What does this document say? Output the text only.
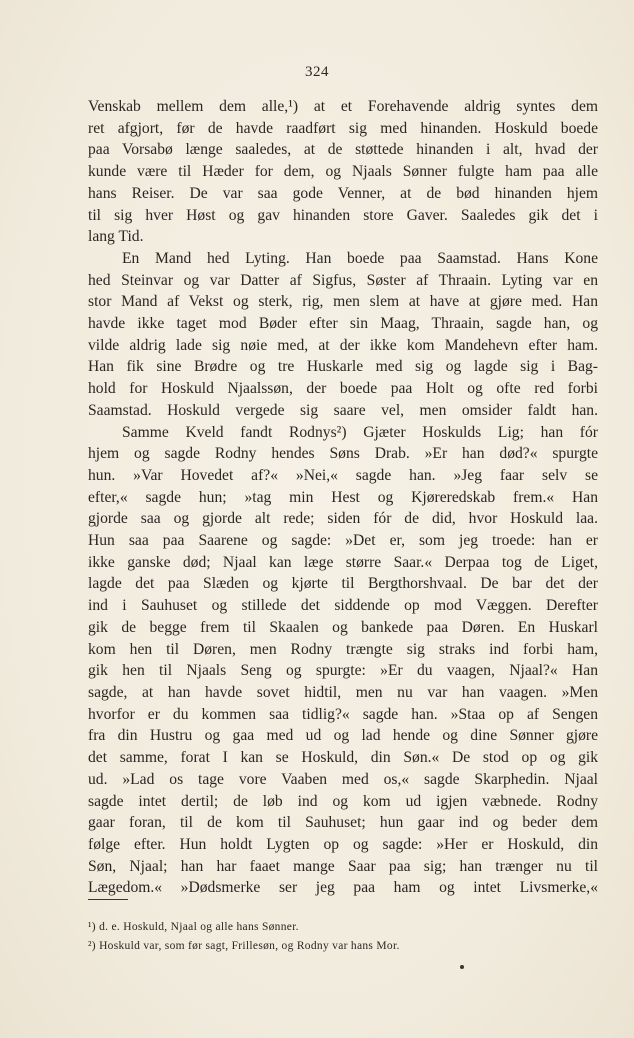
324
Venskab mellem dem alle,¹) at et Forehavende aldrig syntes dem
ret afgjort, før de havde raadført sig med hinanden. Hoskuld boede
paa Vorsabø længe saaledes, at de støttede hinanden i alt, hvad der
kunde være til Hæder for dem, og Njaals Sønner fulgte ham paa alle
hans Reiser. De var saa gode Venner, at de bød hinanden hjem
til sig hver Høst og gav hinanden store Gaver. Saaledes gik det i
lang Tid.
En Mand hed Lyting. Han boede paa Saamstad. Hans Kone
hed Steinvar og var Datter af Sigfus, Søster af Thraain. Lyting var en
stor Mand af Vekst og sterk, rig, men slem at have at gjøre med. Han
havde ikke taget mod Bøder efter sin Maag, Thraain, sagde han, og
vilde aldrig lade sig nøie med, at der ikke kom Mandehevn efter ham.
Han fik sine Brødre og tre Huskarle med sig og lagde sig i Bag-
hold for Hoskuld Njaalssøn, der boede paa Holt og ofte red forbi
Saamstad. Hoskuld vergede sig saare vel, men omsider faldt han.
Samme Kveld fandt Rodnys²) Gjæter Hoskulds Lig; han fór
hjem og sagde Rodny hendes Søns Drab. »Er han død?« spurgte
hun. »Var Hovedet af?« »Nei,« sagde han. »Jeg faar selv se
efter,« sagde hun; »tag min Hest og Kjøreredskab frem.« Han
gjorde saa og gjorde alt rede; siden fór de did, hvor Hoskuld laa.
Hun saa paa Saarene og sagde: »Det er, som jeg troede: han er
ikke ganske død; Njaal kan læge større Saar.« Derpaa tog de Liget,
lagde det paa Slæden og kjørte til Bergthorshvaal. De bar det der
ind i Sauhuset og stillede det siddende op mod Væggen. Derefter
gik de begge frem til Skaalen og bankede paa Døren. En Huskarl
kom hen til Døren, men Rodny trængte sig straks ind forbi ham,
gik hen til Njaals Seng og spurgte: »Er du vaagen, Njaal?« Han
sagde, at han havde sovet hidtil, men nu var han vaagen. »Men
hvorfor er du kommen saa tidlig?« sagde han. »Staa op af Sengen
fra din Hustru og gaa med ud og lad hende og dine Sønner gjøre
det samme, forat I kan se Hoskuld, din Søn.« De stod op og gik
ud. »Lad os tage vore Vaaben med os,« sagde Skarphedin. Njaal
sagde intet dertil; de løb ind og kom ud igjen væbnede. Rodny
gaar foran, til de kom til Sauhuset; hun gaar ind og beder dem
følge efter. Hun holdt Lygten op og sagde: »Her er Hoskuld, din
Søn, Njaal; han har faaet mange Saar paa sig; han trænger nu til
Lægedom.« »Dødsmerke ser jeg paa ham og intet Livsmerke,«
¹) d. e. Hoskuld, Njaal og alle hans Sønner.
²) Hoskuld var, som før sagt, Frillesøn, og Rodny var hans Mor.
